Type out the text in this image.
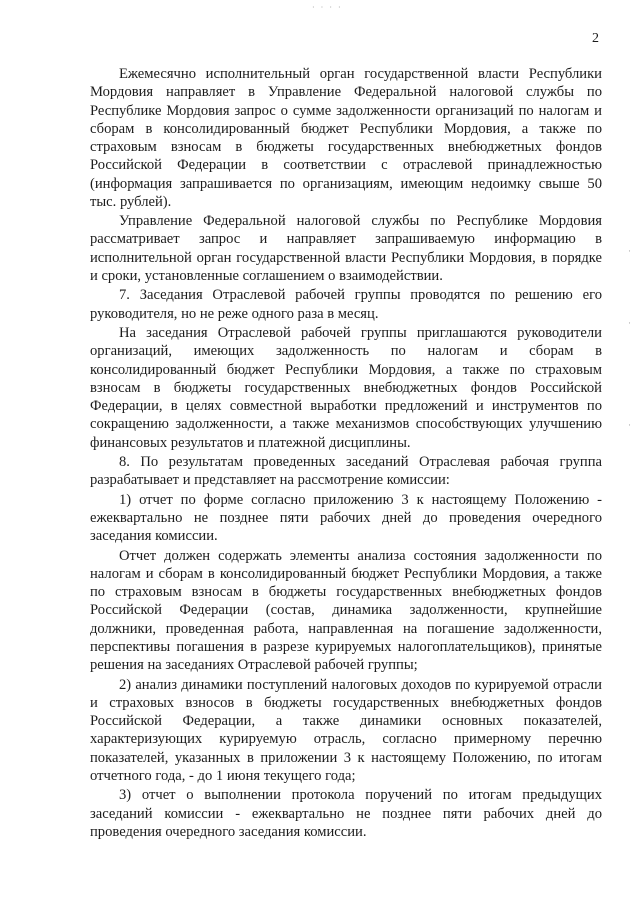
· · · ·
2
·
·
·

Ежемесячно исполнительный орган государственной власти Республики Мордовия направляет в Управление Федеральной налоговой службы по Республике Мордовия запрос о сумме задолженности организаций по налогам и сборам в консолидированный бюджет Республики Мордовия, а также по страховым взносам в бюджеты государственных внебюджетных фондов Российской Федерации в соответствии с отраслевой принадлежностью (информация запрашивается по организациям, имеющим недоимку свыше 50 тыс. рублей).

Управление Федеральной налоговой службы по Республике Мордовия рассматривает запрос и направляет запрашиваемую информацию в исполнительной орган государственной власти Республики Мордовия, в порядке и сроки, установленные соглашением о взаимодействии.

7. Заседания Отраслевой рабочей группы проводятся по решению его руководителя, но не реже одного раза в месяц.

На заседания Отраслевой рабочей группы приглашаются руководители организаций, имеющих задолженность по налогам и сборам в консолидированный бюджет Республики Мордовия, а также по страховым взносам в бюджеты государственных внебюджетных фондов Российской Федерации, в целях совместной выработки предложений и инструментов по сокращению задолженности, а также механизмов способствующих улучшению финансовых результатов и платежной дисциплины.

8. По результатам проведенных заседаний Отраслевая рабочая группа разрабатывает и представляет на рассмотрение комиссии:

1) отчет по форме согласно приложению 3 к настоящему Положению - ежеквартально не позднее пяти рабочих дней до проведения очередного заседания комиссии.

Отчет должен содержать элементы анализа состояния задолженности по налогам и сборам в консолидированный бюджет Республики Мордовия, а также по страховым взносам в бюджеты государственных внебюджетных фондов Российской Федерации (состав, динамика задолженности, крупнейшие должники, проведенная работа, направленная на погашение задолженности, перспективы погашения в разрезе курируемых налогоплательщиков), принятые решения на заседаниях Отраслевой рабочей группы;

2) анализ динамики поступлений налоговых доходов по курируемой отрасли и страховых взносов в бюджеты государственных внебюджетных фондов Российской Федерации, а также динамики основных показателей, характеризующих курируемую отрасль, согласно примерному перечню показателей, указанных в приложении 3 к настоящему Положению, по итогам отчетного года, - до 1 июня текущего года;

3) отчет о выполнении протокола поручений по итогам предыдущих заседаний комиссии - ежеквартально не позднее пяти рабочих дней до проведения очередного заседания комиссии.
